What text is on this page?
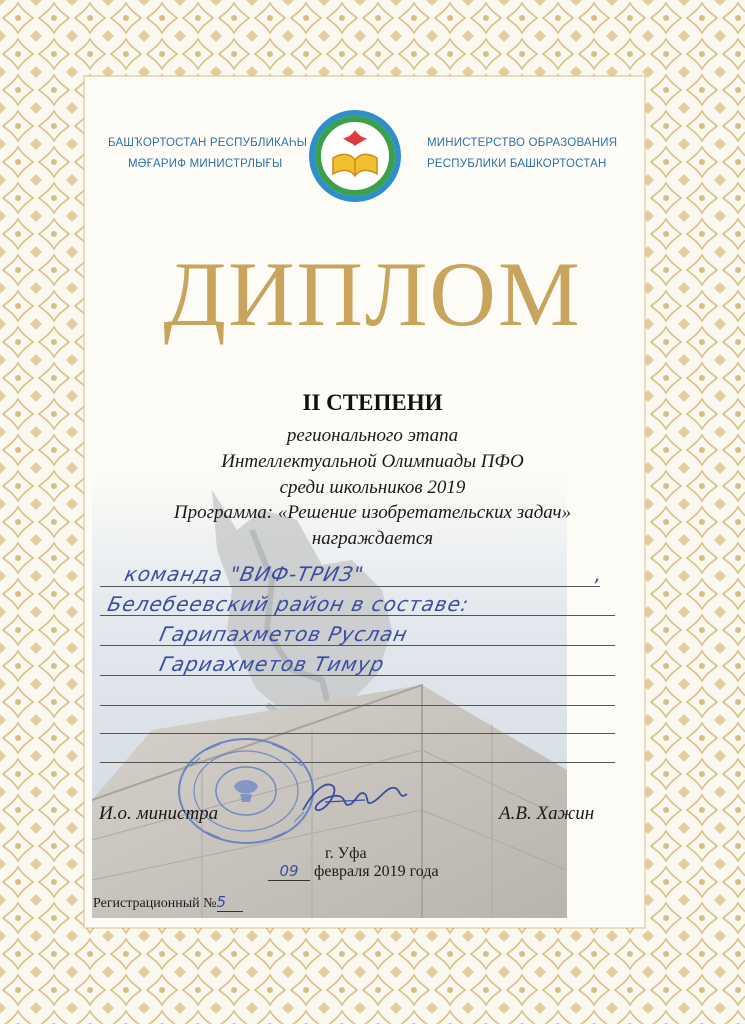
БАШҠОРТОСТАН РЕСПУБЛИКАҺЫ
МӘҒАРИФ МИНИСТРЛЫҒЫ
МИНИСТЕРСТВО ОБРАЗОВАНИЯ
РЕСПУБЛИКИ БАШКОРТОСТАН
ДИПЛОМ
II СТЕПЕНИ
регионального этапа
Интеллектуальной Олимпиады ПФО
среди школьников 2019
Программа: «Решение изобретательских задач»
награждается
команда "ВИФ-ТРИЗ"	,
Белебеевский район в составе:
Гарипахметов Руслан
Гариахметов Тимур
И.о. министра	А.В. Хажин
г. Уфа
09 февраля 2019 года
Регистрационный №5
